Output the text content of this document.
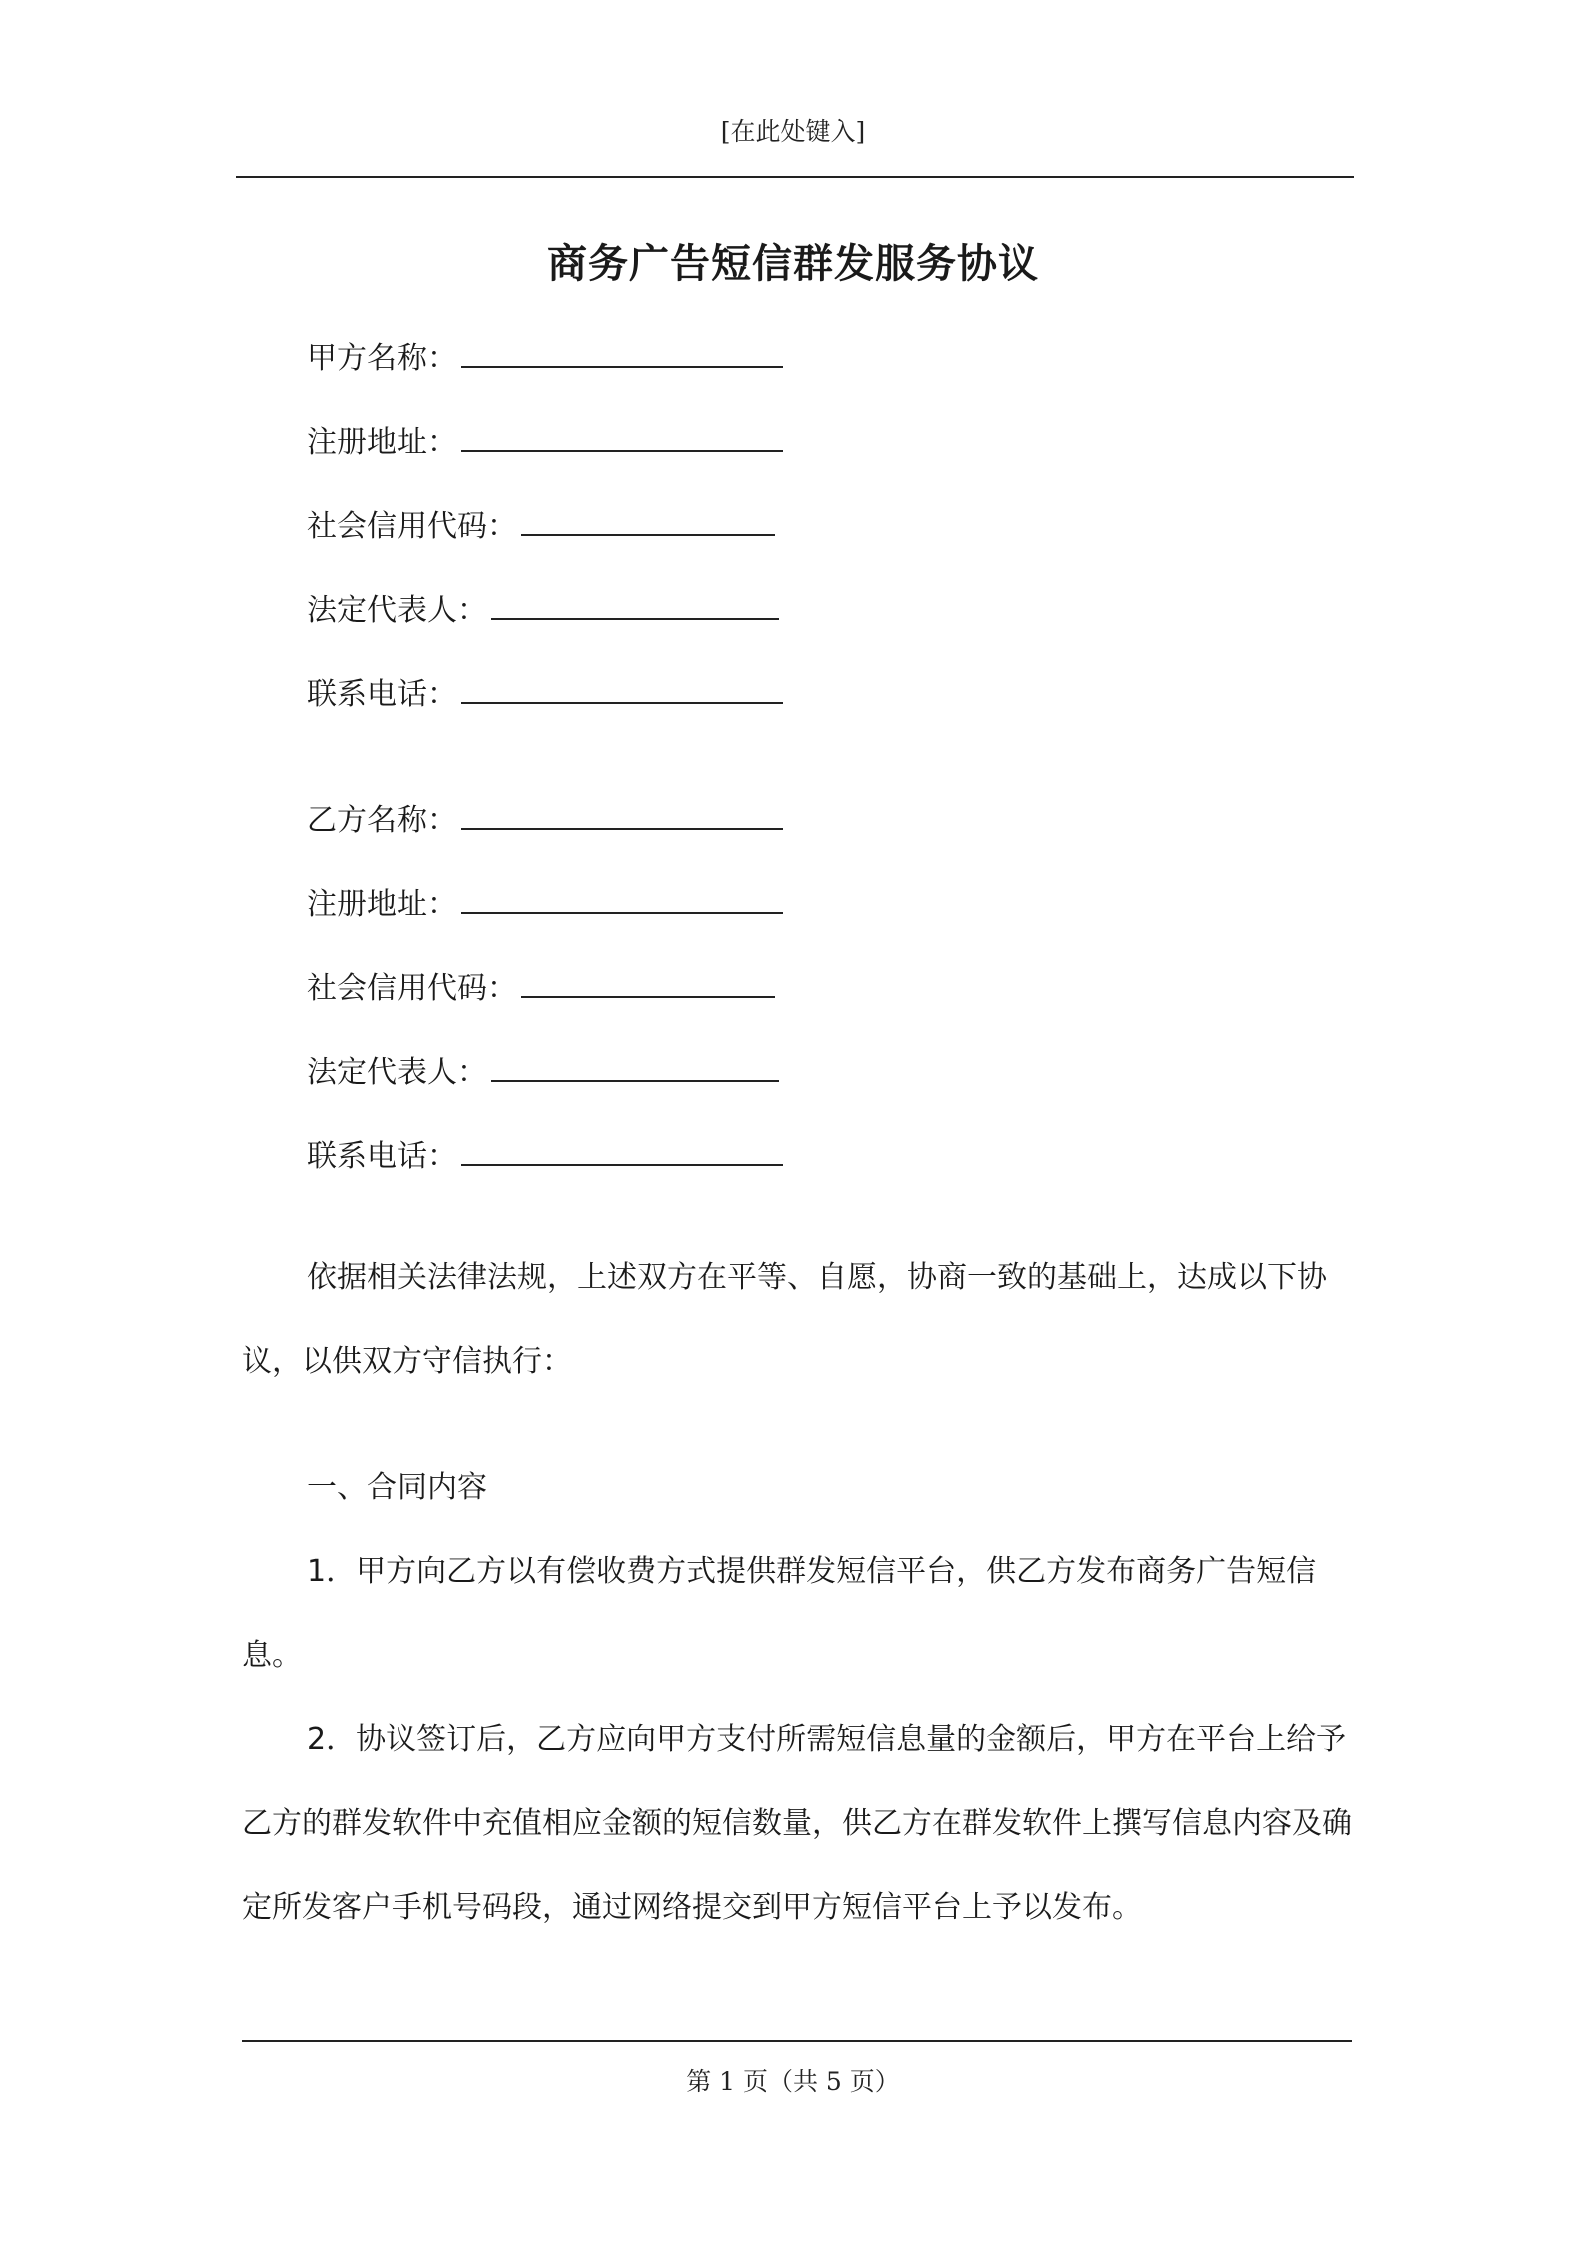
[在此处键入]
商务广告短信群发服务协议
甲方名称：
注册地址：
社会信用代码：
法定代表人：
联系电话：
乙方名称：
注册地址：
社会信用代码：
法定代表人：
联系电话：

依据相关法律法规，上述双方在平等、自愿，协商一致的基础上，达成以下协议，以供双方守信执行：

一、合同内容

1．甲方向乙方以有偿收费方式提供群发短信平台，供乙方发布商务广告短信息。

2．协议签订后，乙方应向甲方支付所需短信息量的金额后，甲方在平台上给予乙方的群发软件中充值相应金额的短信数量，供乙方在群发软件上撰写信息内容及确定所发客户手机号码段，通过网络提交到甲方短信平台上予以发布。

第 1 页（共 5 页）
